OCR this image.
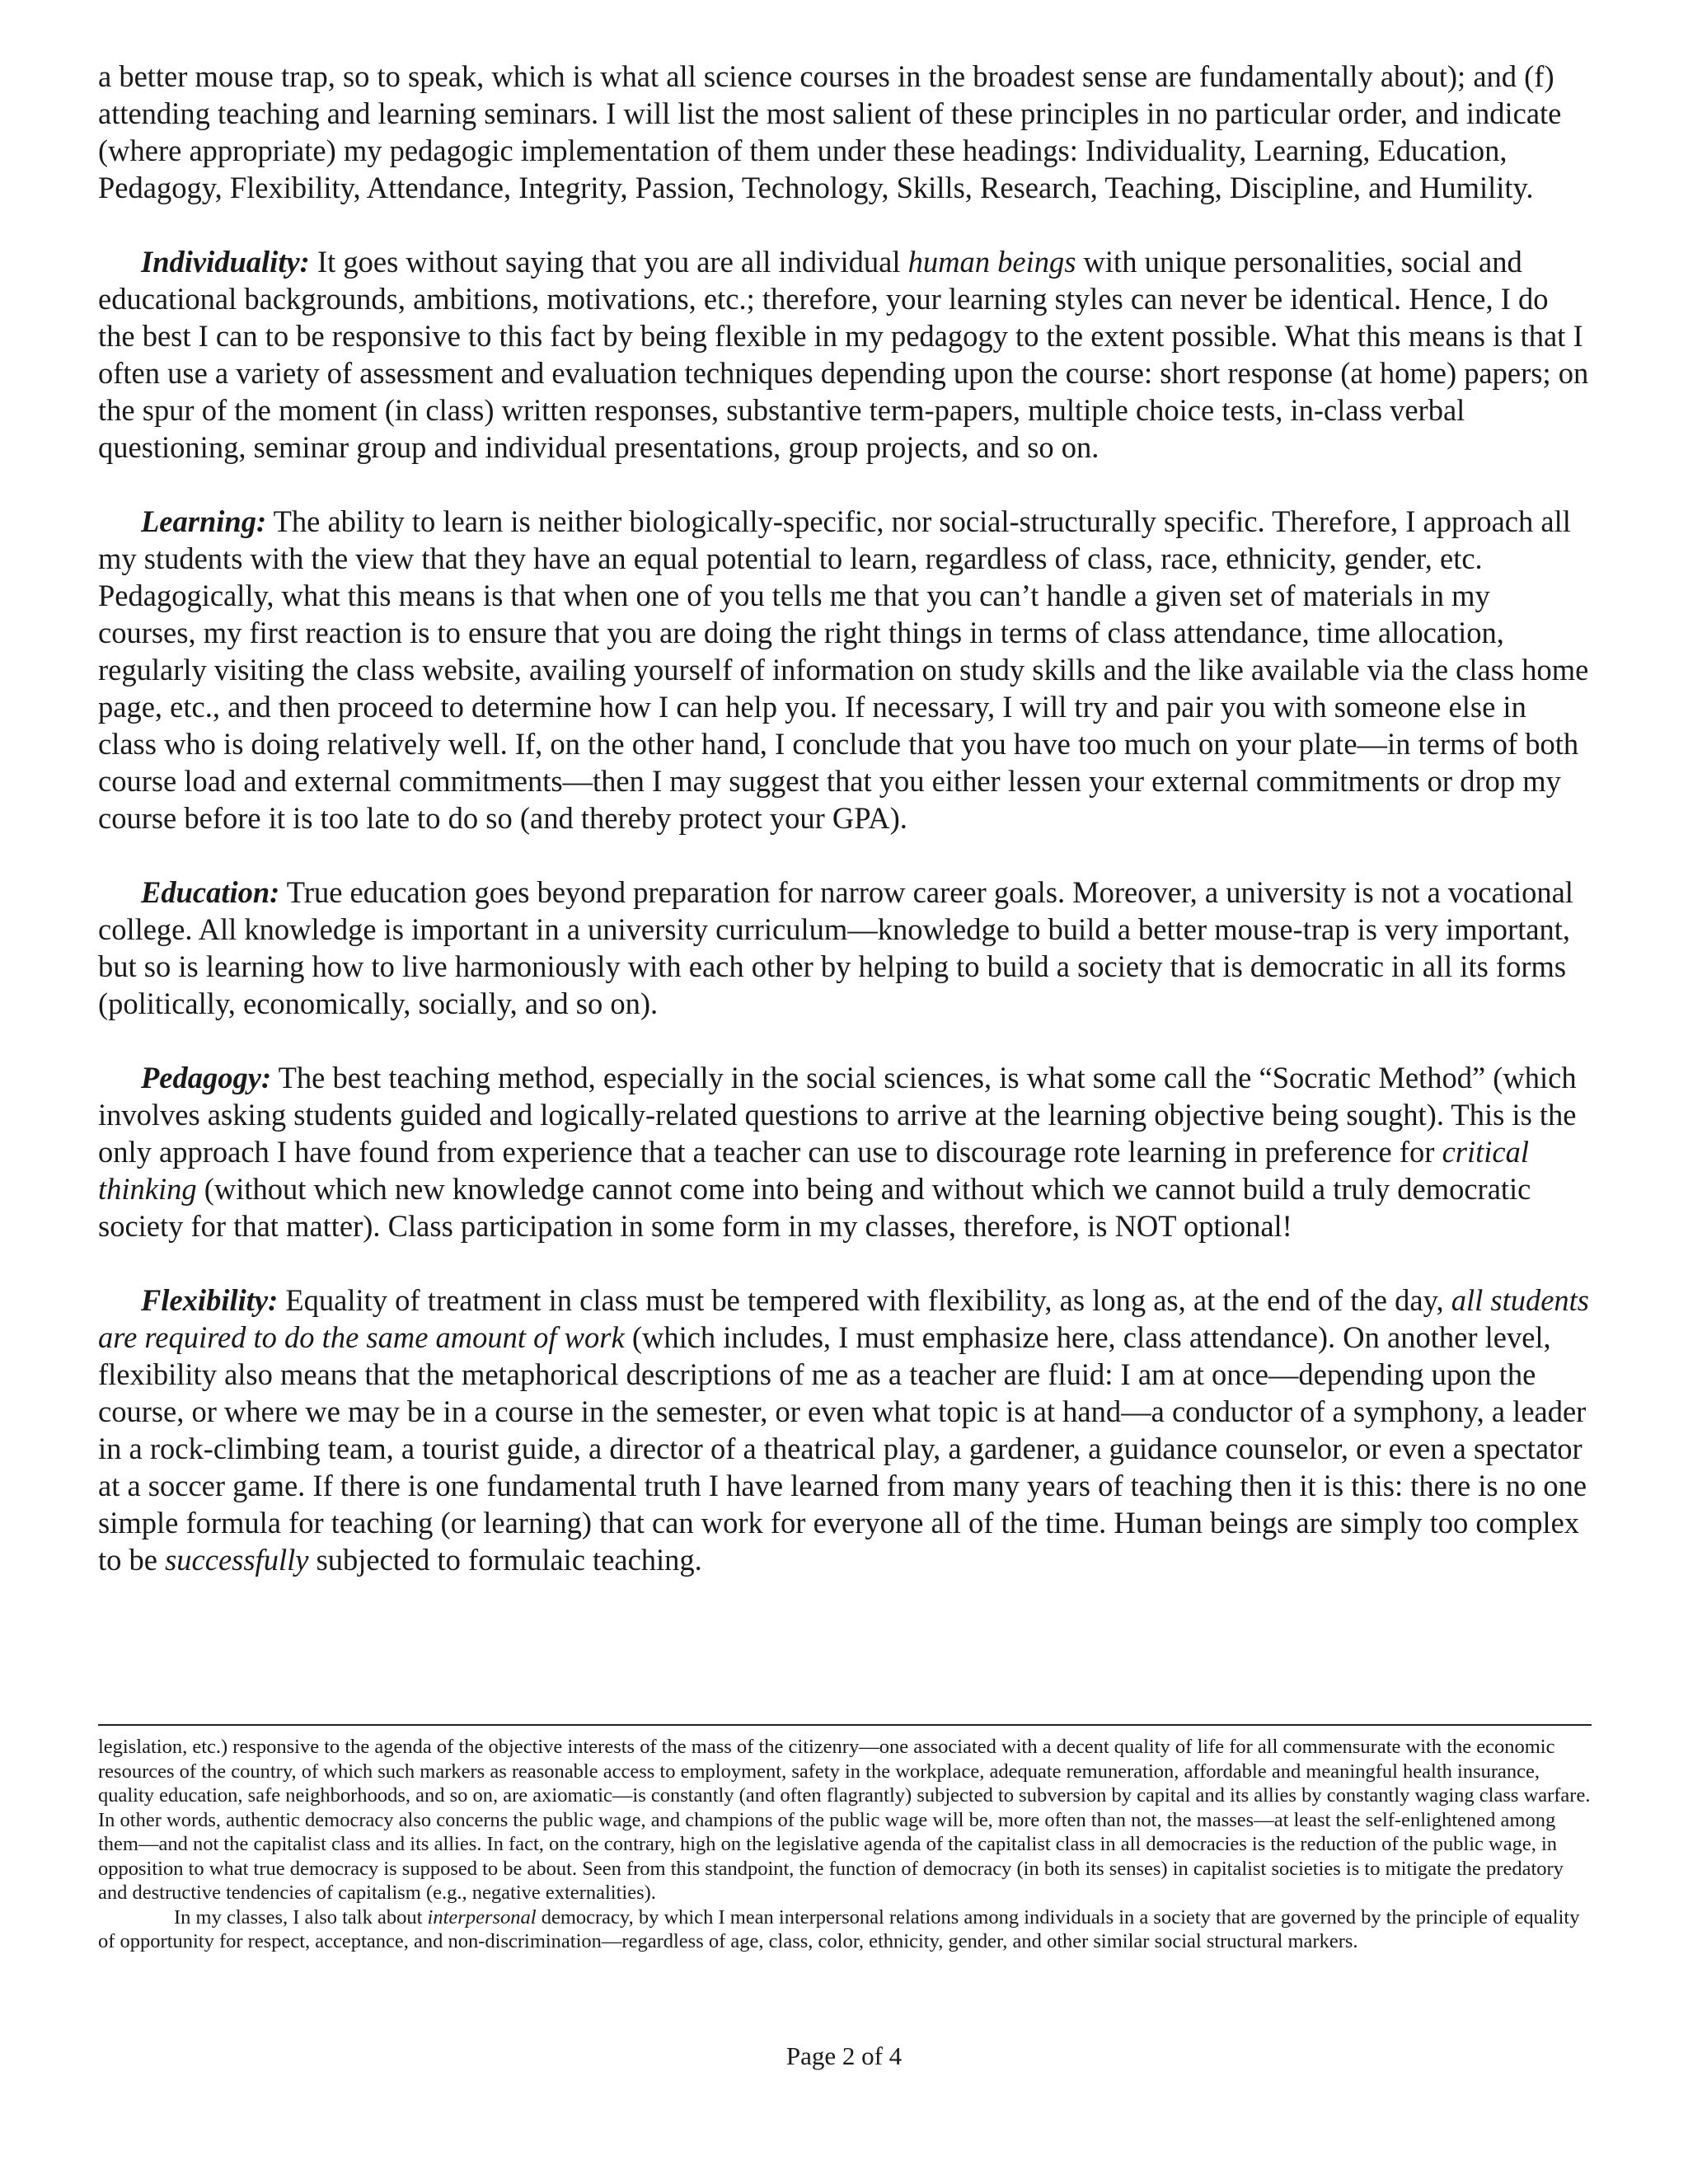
a better mouse trap, so to speak, which is what all science courses in the broadest sense are fundamentally about); and (f) attending teaching and learning seminars. I will list the most salient of these principles in no particular order, and indicate (where appropriate) my pedagogic implementation of them under these headings: Individuality, Learning, Education, Pedagogy, Flexibility, Attendance, Integrity, Passion, Technology, Skills, Research, Teaching, Discipline, and Humility.

Individuality: It goes without saying that you are all individual human beings with unique personalities, social and educational backgrounds, ambitions, motivations, etc.; therefore, your learning styles can never be identical. Hence, I do the best I can to be responsive to this fact by being flexible in my pedagogy to the extent possible. What this means is that I often use a variety of assessment and evaluation techniques depending upon the course: short response (at home) papers; on the spur of the moment (in class) written responses, substantive term-papers, multiple choice tests, in-class verbal questioning, seminar group and individual presentations, group projects, and so on.

Learning: The ability to learn is neither biologically-specific, nor social-structurally specific. Therefore, I approach all my students with the view that they have an equal potential to learn, regardless of class, race, ethnicity, gender, etc. Pedagogically, what this means is that when one of you tells me that you can’t handle a given set of materials in my courses, my first reaction is to ensure that you are doing the right things in terms of class attendance, time allocation, regularly visiting the class website, availing yourself of information on study skills and the like available via the class home page, etc., and then proceed to determine how I can help you. If necessary, I will try and pair you with someone else in class who is doing relatively well. If, on the other hand, I conclude that you have too much on your plate—in terms of both course load and external commitments—then I may suggest that you either lessen your external commitments or drop my course before it is too late to do so (and thereby protect your GPA).

Education: True education goes beyond preparation for narrow career goals. Moreover, a university is not a vocational college. All knowledge is important in a university curriculum—knowledge to build a better mouse-trap is very important, but so is learning how to live harmoniously with each other by helping to build a society that is democratic in all its forms (politically, economically, socially, and so on).

Pedagogy: The best teaching method, especially in the social sciences, is what some call the “Socratic Method” (which involves asking students guided and logically-related questions to arrive at the learning objective being sought). This is the only approach I have found from experience that a teacher can use to discourage rote learning in preference for critical thinking (without which new knowledge cannot come into being and without which we cannot build a truly democratic society for that matter). Class participation in some form in my classes, therefore, is NOT optional!

Flexibility: Equality of treatment in class must be tempered with flexibility, as long as, at the end of the day, all students are required to do the same amount of work (which includes, I must emphasize here, class attendance). On another level, flexibility also means that the metaphorical descriptions of me as a teacher are fluid: I am at once—depending upon the course, or where we may be in a course in the semester, or even what topic is at hand—a conductor of a symphony, a leader in a rock-climbing team, a tourist guide, a director of a theatrical play, a gardener, a guidance counselor, or even a spectator at a soccer game. If there is one fundamental truth I have learned from many years of teaching then it is this: there is no one simple formula for teaching (or learning) that can work for everyone all of the time. Human beings are simply too complex to be successfully subjected to formulaic teaching.

legislation, etc.) responsive to the agenda of the objective interests of the mass of the citizenry—one associated with a decent quality of life for all commensurate with the economic resources of the country, of which such markers as reasonable access to employment, safety in the workplace, adequate remuneration, affordable and meaningful health insurance, quality education, safe neighborhoods, and so on, are axiomatic—is constantly (and often flagrantly) subjected to subversion by capital and its allies by constantly waging class warfare. In other words, authentic democracy also concerns the public wage, and champions of the public wage will be, more often than not, the masses—at least the self-enlightened among them—and not the capitalist class and its allies. In fact, on the contrary, high on the legislative agenda of the capitalist class in all democracies is the reduction of the public wage, in opposition to what true democracy is supposed to be about. Seen from this standpoint, the function of democracy (in both its senses) in capitalist societies is to mitigate the predatory and destructive tendencies of capitalism (e.g., negative externalities).

In my classes, I also talk about interpersonal democracy, by which I mean interpersonal relations among individuals in a society that are governed by the principle of equality of opportunity for respect, acceptance, and non-discrimination—regardless of age, class, color, ethnicity, gender, and other similar social structural markers.

Page 2 of 4
